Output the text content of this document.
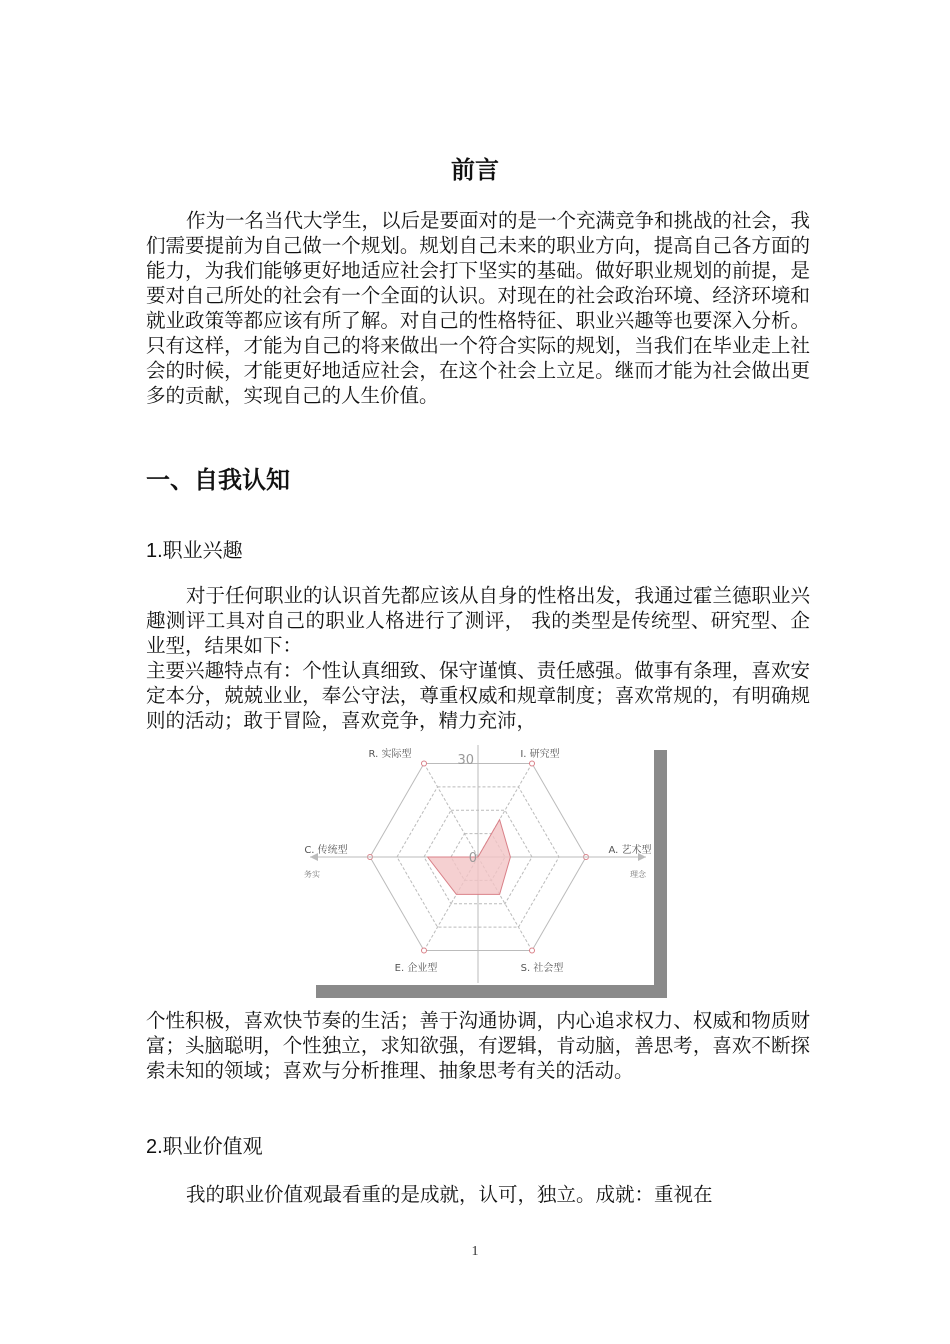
前言

作为一名当代大学生，以后是要面对的是一个充满竞争和挑战的社会，我们需要提前为自己做一个规划。规划自己未来的职业方向，提高自己各方面的能力，为我们能够更好地适应社会打下坚实的基础。做好职业规划的前提，是要对自己所处的社会有一个全面的认识。对现在的社会政治环境、经济环境和就业政策等都应该有所了解。对自己的性格特征、职业兴趣等也要深入分析。只有这样，才能为自己的将来做出一个符合实际的规划，当我们在毕业走上社会的时候，才能更好地适应社会，在这个社会上立足。继而才能为社会做出更多的贡献，实现自己的人生价值。

一、自我认知
1.职业兴趣

对于任何职业的认识首先都应该从自身的性格出发，我通过霍兰德职业兴趣测评工具对自己的职业人格进行了测评， 我的类型是传统型、研究型、企业型，结果如下：

主要兴趣特点有：个性认真细致、保守谨慎、责任感强。做事有条理，喜欢安定本分，兢兢业业，奉公守法，尊重权威和规章制度；喜欢常规的，有明确规则的活动；敢于冒险，喜欢竞争，精力充沛，

R. 实际型	I. 研究型
A. 艺术型
S. 社会型
E. 企业型
C. 传统型
30
0
务实	理念

个性积极，喜欢快节奏的生活；善于沟通协调，内心追求权力、权威和物质财富；头脑聪明，个性独立，求知欲强，有逻辑，肯动脑，善思考，喜欢不断探索未知的领域；喜欢与分析推理、抽象思考有关的活动。

2.职业价值观

我的职业价值观最看重的是成就，认可，独立。成就：重视在

1
